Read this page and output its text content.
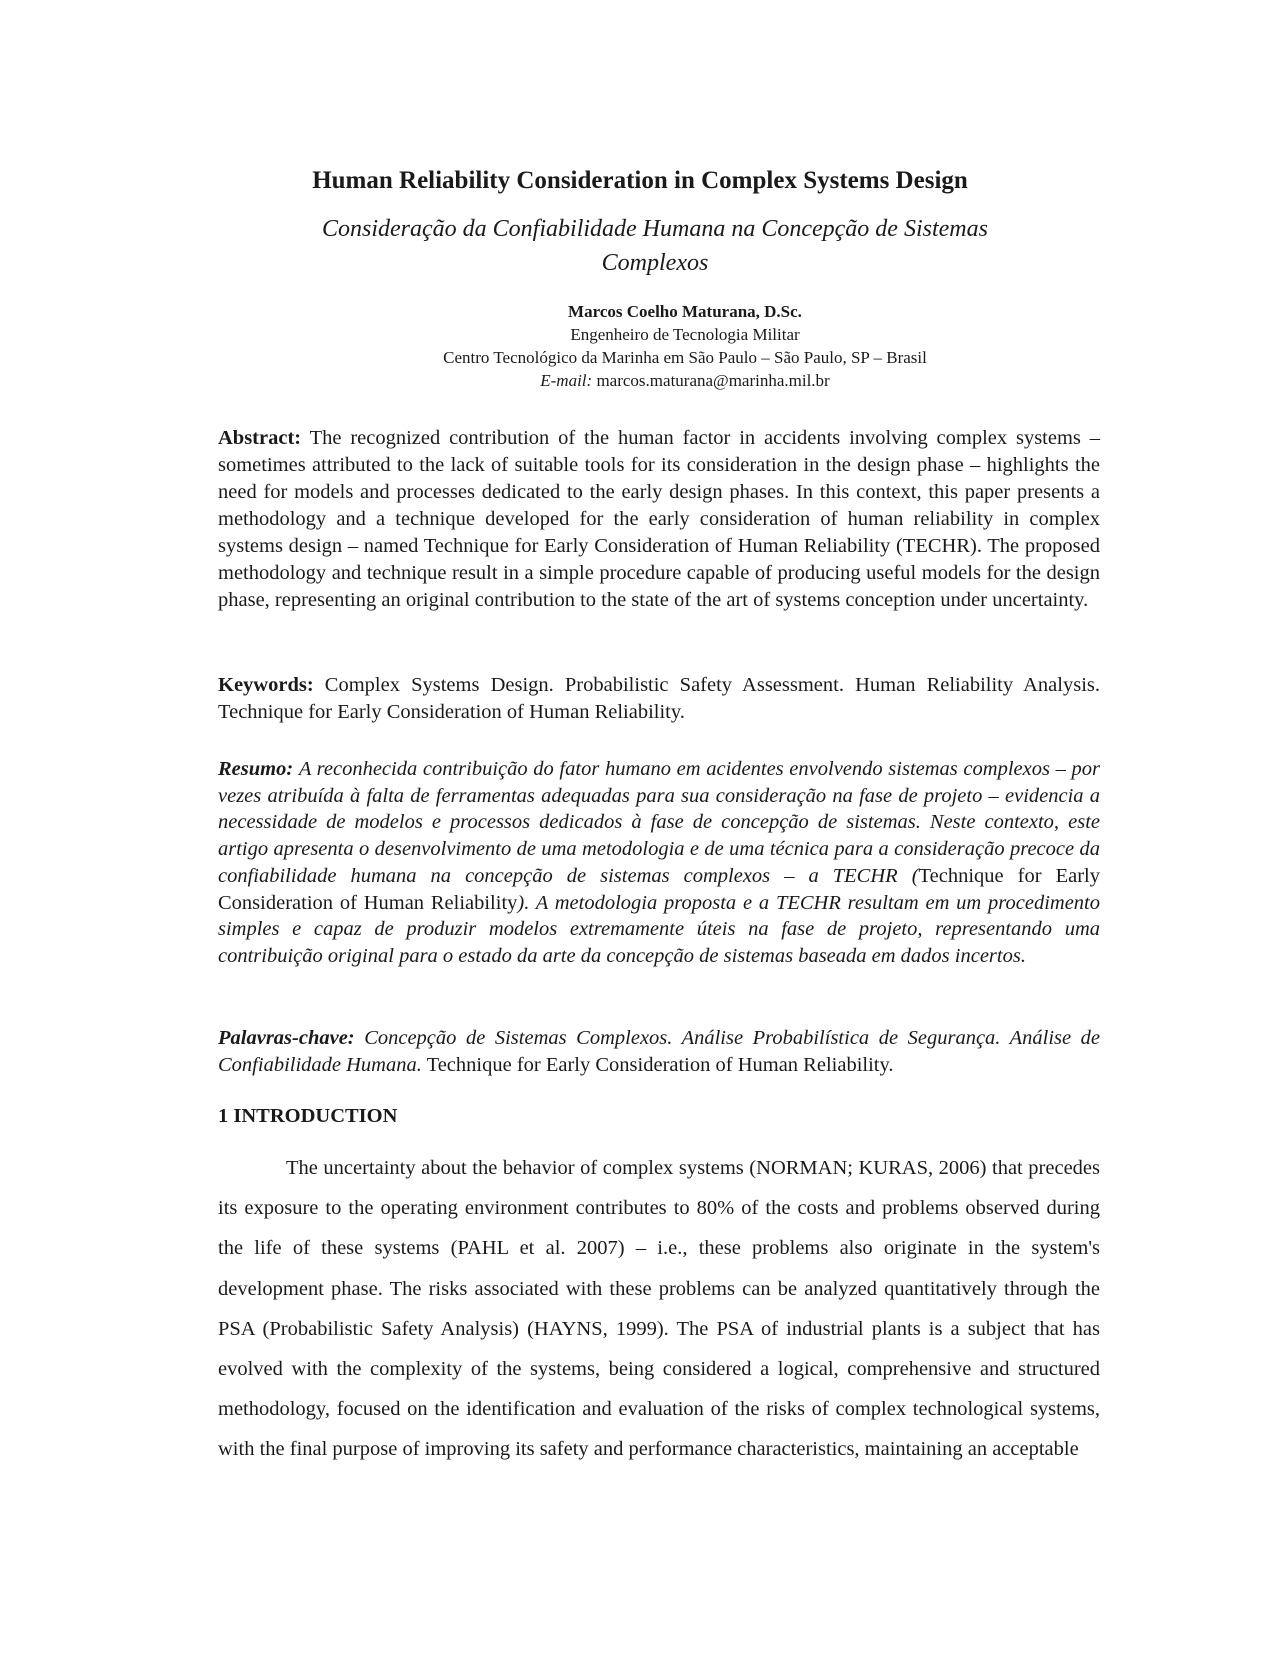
Human Reliability Consideration in Complex Systems Design
Consideração da Confiabilidade Humana na Concepção de Sistemas Complexos
Marcos Coelho Maturana, D.Sc.
Engenheiro de Tecnologia Militar
Centro Tecnológico da Marinha em São Paulo – São Paulo, SP – Brasil
E-mail: marcos.maturana@marinha.mil.br
Abstract: The recognized contribution of the human factor in accidents involving complex systems – sometimes attributed to the lack of suitable tools for its consideration in the design phase – highlights the need for models and processes dedicated to the early design phases. In this context, this paper presents a methodology and a technique developed for the early consideration of human reliability in complex systems design – named Technique for Early Consideration of Human Reliability (TECHR). The proposed methodology and technique result in a simple procedure capable of producing useful models for the design phase, representing an original contribution to the state of the art of systems conception under uncertainty.
Keywords: Complex Systems Design. Probabilistic Safety Assessment. Human Reliability Analysis. Technique for Early Consideration of Human Reliability.
Resumo: A reconhecida contribuição do fator humano em acidentes envolvendo sistemas complexos – por vezes atribuída à falta de ferramentas adequadas para sua consideração na fase de projeto – evidencia a necessidade de modelos e processos dedicados à fase de concepção de sistemas. Neste contexto, este artigo apresenta o desenvolvimento de uma metodologia e de uma técnica para a consideração precoce da confiabilidade humana na concepção de sistemas complexos – a TECHR (Technique for Early Consideration of Human Reliability). A metodologia proposta e a TECHR resultam em um procedimento simples e capaz de produzir modelos extremamente úteis na fase de projeto, representando uma contribuição original para o estado da arte da concepção de sistemas baseada em dados incertos.
Palavras-chave: Concepção de Sistemas Complexos. Análise Probabilística de Segurança. Análise de Confiabilidade Humana. Technique for Early Consideration of Human Reliability.
1 INTRODUCTION
The uncertainty about the behavior of complex systems (NORMAN; KURAS, 2006) that precedes its exposure to the operating environment contributes to 80% of the costs and problems observed during the life of these systems (PAHL et al. 2007) – i.e., these problems also originate in the system's development phase. The risks associated with these problems can be analyzed quantitatively through the PSA (Probabilistic Safety Analysis) (HAYNS, 1999). The PSA of industrial plants is a subject that has evolved with the complexity of the systems, being considered a logical, comprehensive and structured methodology, focused on the identification and evaluation of the risks of complex technological systems, with the final purpose of improving its safety and performance characteristics, maintaining an acceptable
